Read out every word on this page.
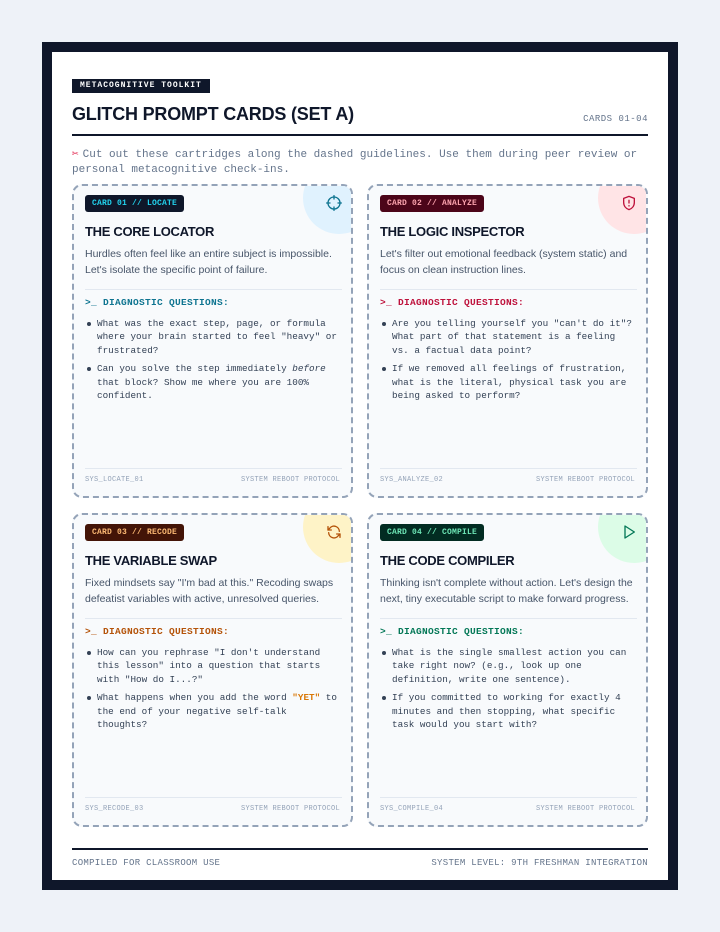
METACOGNITIVE TOOLKIT
GLITCH PROMPT CARDS (SET A)	CARDS 01-04
✂ Cut out these cartridges along the dashed guidelines. Use them during peer review or personal metacognitive check-ins.
CARD 01 // LOCATE
THE CORE LOCATOR
Hurdles often feel like an entire subject is impossible. Let's isolate the specific point of failure.
>_ DIAGNOSTIC QUESTIONS:
What was the exact step, page, or formula where your brain started to feel "heavy" or frustrated?
Can you solve the step immediately before that block? Show me where you are 100% confident.
SYS_LOCATE_01	SYSTEM REBOOT PROTOCOL
CARD 02 // ANALYZE
THE LOGIC INSPECTOR
Let's filter out emotional feedback (system static) and focus on clean instruction lines.
>_ DIAGNOSTIC QUESTIONS:
Are you telling yourself you "can't do it"? What part of that statement is a feeling vs. a factual data point?
If we removed all feelings of frustration, what is the literal, physical task you are being asked to perform?
SYS_ANALYZE_02	SYSTEM REBOOT PROTOCOL
CARD 03 // RECODE
THE VARIABLE SWAP
Fixed mindsets say "I'm bad at this." Recoding swaps defeatist variables with active, unresolved queries.
>_ DIAGNOSTIC QUESTIONS:
How can you rephrase "I don't understand this lesson" into a question that starts with "How do I...?"
What happens when you add the word "YET" to the end of your negative self-talk thoughts?
SYS_RECODE_03	SYSTEM REBOOT PROTOCOL
CARD 04 // COMPILE
THE CODE COMPILER
Thinking isn't complete without action. Let's design the next, tiny executable script to make forward progress.
>_ DIAGNOSTIC QUESTIONS:
What is the single smallest action you can take right now? (e.g., look up one definition, write one sentence).
If you committed to working for exactly 4 minutes and then stopping, what specific task would you start with?
SYS_COMPILE_04	SYSTEM REBOOT PROTOCOL
COMPILED FOR CLASSROOM USE	SYSTEM LEVEL: 9TH FRESHMAN INTEGRATION
